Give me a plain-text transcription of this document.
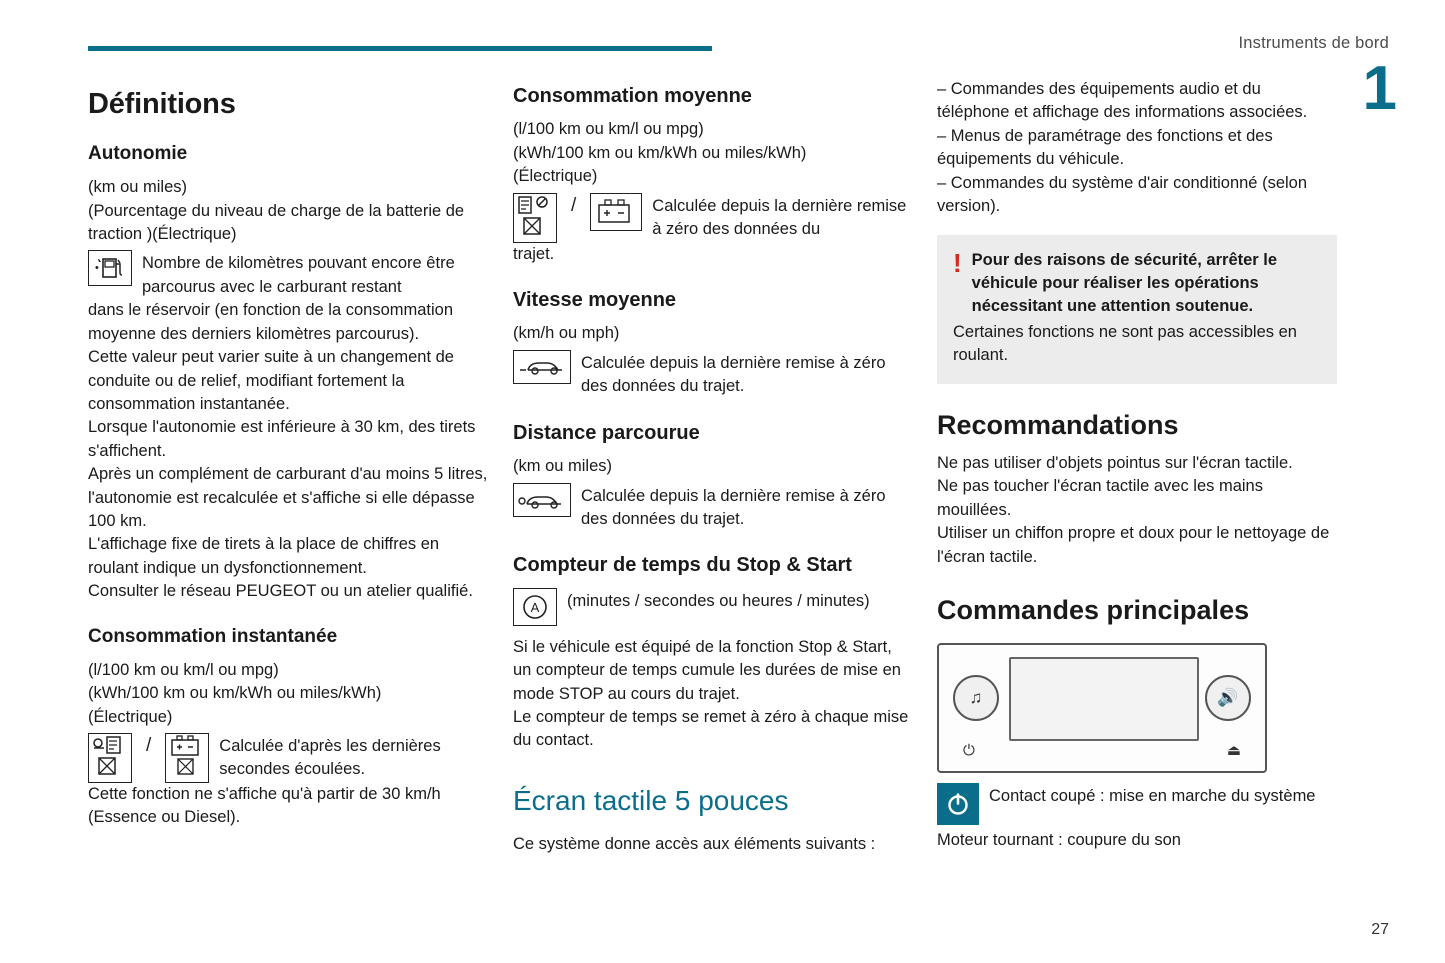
Instruments de bord
1
27
Définitions
Autonomie

(km ou miles)

(Pourcentage du niveau de charge de la batterie de traction )(Électrique)

•	Nombre de kilomètres pouvant encore être parcourus avec le carburant restant

dans le réservoir (en fonction de la consommation moyenne des derniers kilomètres parcourus).

Cette valeur peut varier suite à un changement de conduite ou de relief, modifiant fortement la consommation instantanée.

Lorsque l'autonomie est inférieure à 30 km, des tirets s'affichent.

Après un complément de carburant d'au moins 5 litres, l'autonomie est recalculée et s'affiche si elle dépasse 100 km.

L'affichage fixe de tirets à la place de chiffres en roulant indique un dysfonctionnement.

Consulter le réseau PEUGEOT ou un atelier qualifié.

Consommation instantanée

(l/100 km ou km/l ou mpg)

(kWh/100 km ou km/kWh ou miles/kWh)

(Électrique)

/	Calculée d'après les dernières secondes écoulées.

Cette fonction ne s'affiche qu'à partir de 30 km/h (Essence ou Diesel).

Consommation moyenne

(l/100 km ou km/l ou mpg)

(kWh/100 km ou km/kWh ou miles/kWh)

(Électrique)

/	Calculée depuis la dernière remise à zéro des données du

trajet.

Vitesse moyenne

(km/h ou mph)

Calculée depuis la dernière remise à zéro des données du trajet.
Distance parcourue

(km ou miles)

Calculée depuis la dernière remise à zéro des données du trajet.
Compteur de temps du Stop & Start
A (minutes / secondes ou heures / minutes)

Si le véhicule est équipé de la fonction Stop & Start, un compteur de temps cumule les durées de mise en mode STOP au cours du trajet.

Le compteur de temps se remet à zéro à chaque mise du contact.

Écran tactile 5 pouces

Ce système donne accès aux éléments suivants :

– Commandes des équipements audio et du téléphone et affichage des informations associées.

– Menus de paramétrage des fonctions et des équipements du véhicule.

– Commandes du système d'air conditionné (selon version).

! Pour des raisons de sécurité, arrêter le véhicule pour réaliser les opérations nécessitant une attention soutenue.
Certaines fonctions ne sont pas accessibles en roulant.
Recommandations

Ne pas utiliser d'objets pointus sur l'écran tactile.

Ne pas toucher l'écran tactile avec les mains mouillées.

Utiliser un chiffon propre et doux pour le nettoyage de l'écran tactile.

Commandes principales
♫	🔊
⏻	⏏
Contact coupé : mise en marche du système

Moteur tournant : coupure du son
